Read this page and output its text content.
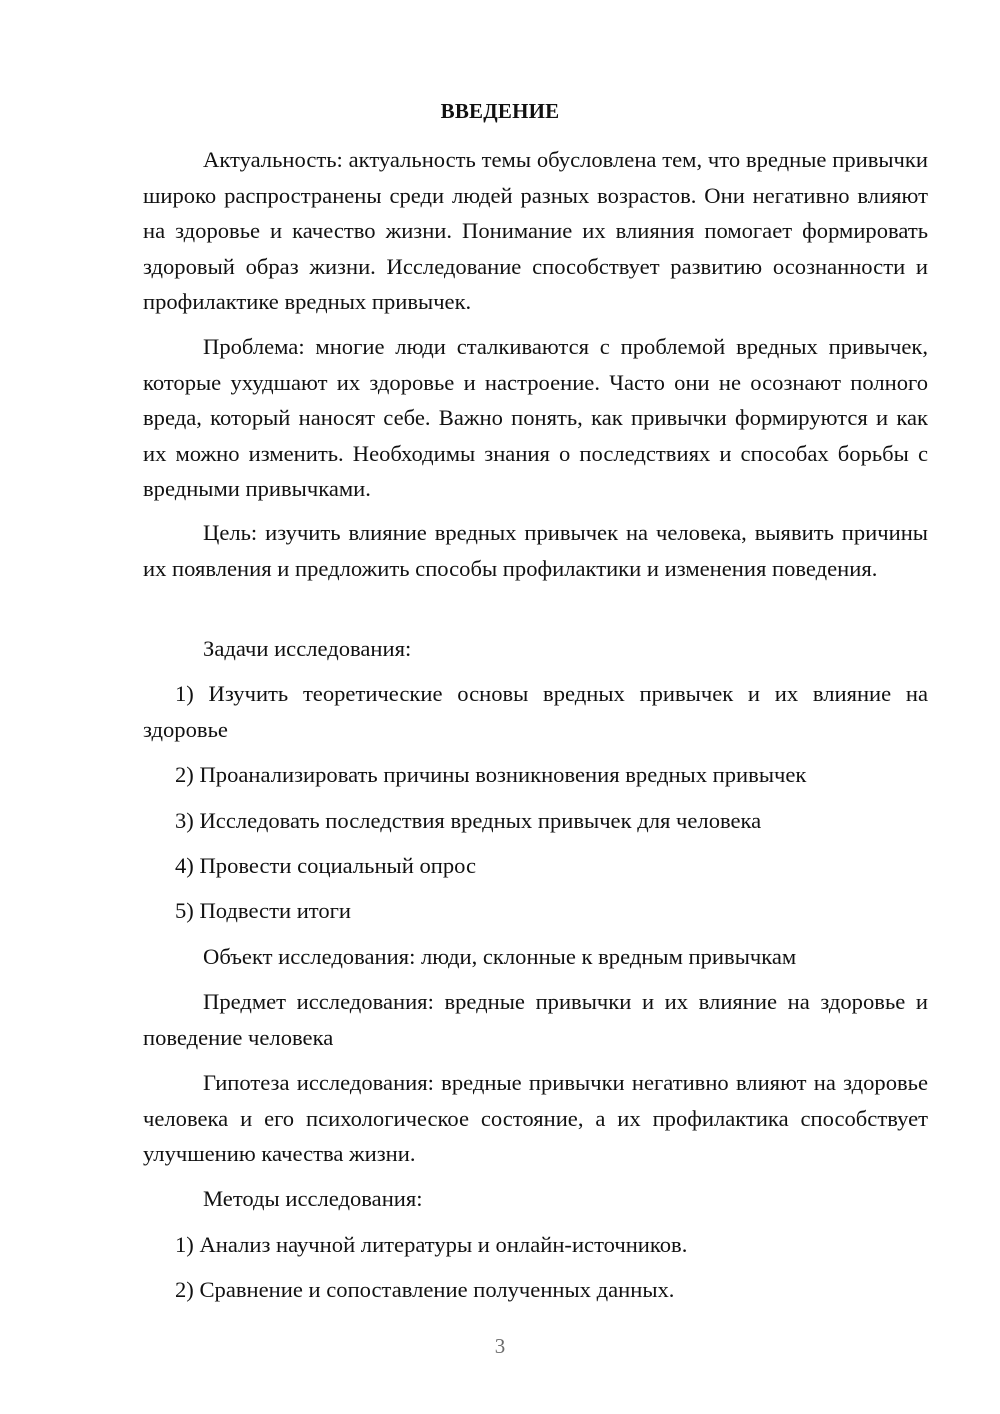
ВВЕДЕНИЕ

Актуальность: актуальность темы обусловлена тем, что вредные привычки широко распространены среди людей разных возрастов. Они негативно влияют на здоровье и качество жизни. Понимание их влияния помогает формировать здоровый образ жизни. Исследование способствует развитию осознанности и профилактике вредных привычек.

Проблема: многие люди сталкиваются с проблемой вредных привычек, которые ухудшают их здоровье и настроение. Часто они не осознают полного вреда, который наносят себе. Важно понять, как привычки формируются и как их можно изменить. Необходимы знания о последствиях и способах борьбы с вредными привычками.

Цель: изучить влияние вредных привычек на человека, выявить причины их появления и предложить способы профилактики и изменения поведения.

Задачи исследования:

1) Изучить теоретические основы вредных привычек и их влияние на здоровье

2) Проанализировать причины возникновения вредных привычек

3) Исследовать последствия вредных привычек для человека

4) Провести социальный опрос

5) Подвести итоги

Объект исследования: люди, склонные к вредным привычкам

Предмет исследования: вредные привычки и их влияние на здоровье и поведение человека

Гипотеза исследования: вредные привычки негативно влияют на здоровье человека и его психологическое состояние, а их профилактика способствует улучшению качества жизни.

Методы исследования:

1) Анализ научной литературы и онлайн-источников.

2) Сравнение и сопоставление полученных данных.

3
